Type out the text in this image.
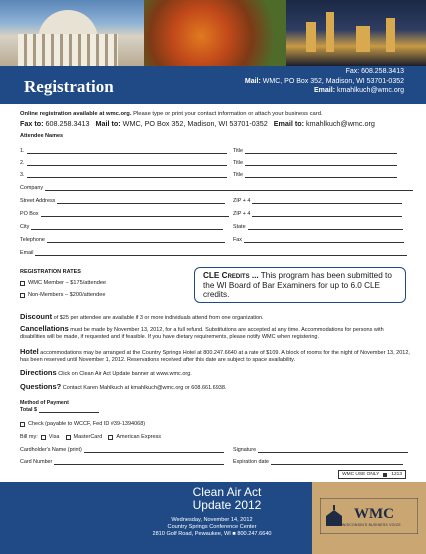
Registration
Fax: 608.258.3413
Mail: WMC, PO Box 352, Madison, WI 53701-0352
Email: kmahlkuch@wmc.org
Online registration available at wmc.org. Please type or print your contact information or attach your business card.
Fax to: 608.258.3413 Mail to: WMC, PO Box 352, Madison, WI 53701-0352 Email to: kmahlkuch@wmc.org
Attendee Names
1.	Title
2.	Title
3.	Title
Company
Street Address	ZIP + 4
PO Box	ZIP + 4
City	State
Telephone	Fax
Email
REGISTRATION RATES
WMC Member – $175/attendee
Non-Members – $200/attendee
CLE Credits ... This program has been submitted to the WI Board of Bar Examiners for up to 6.0 CLE credits.
Discount of $25 per attendee are available if 3 or more individuals attend from one organization.
Cancellations must be made by November 13, 2012, for a full refund. Substitutions are accepted at any time. Accommodations for persons with disabilities will be made, if requested and if feasible. If you have dietary requirements, please notify WMC when registering.
Hotel accommodations may be arranged at the Country Springs Hotel at 800.247.6640 at a rate of $109. A block of rooms for the night of November 13, 2012, has been reserved until November 1, 2012. Reservations received after this date are subject to space availability.
Directions Click on Clean Air Act Update banner at www.wmc.org.
Questions? Contact Karen Mahlkuch at kmahlkuch@wmc.org or 608.661.6938.
Method of Payment
Total $
Check (payable to WCCF, Fed ID #39-1394068)
Bill my:
Visa
	MasterCard
	American Express
Cardholder's Name (print)	Signature
Card Number	Expiration date
WMC USE ONLY	1213
Clean Air Act
Update 2012
Wednesday, November 14, 2012
Country Springs Conference Center
2810 Golf Road, Pewaukee, WI ■ 800.247.6640
WMC
WISCONSIN'S BUSINESS VOICE
